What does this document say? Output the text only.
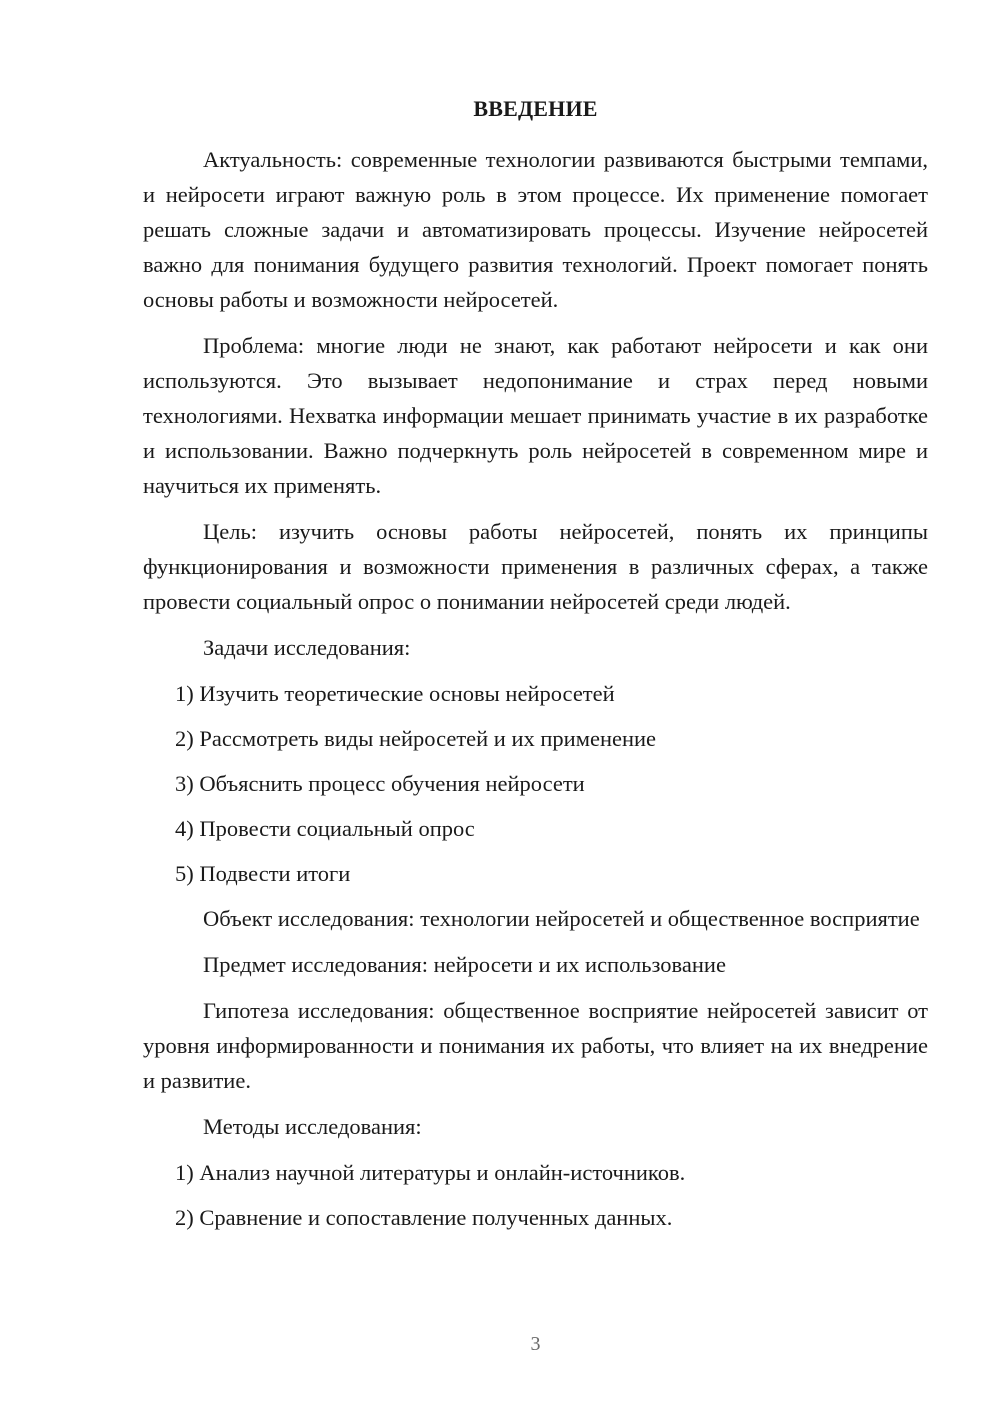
ВВЕДЕНИЕ

Актуальность: современные технологии развиваются быстрыми темпами, и нейросети играют важную роль в этом процессе. Их применение помогает решать сложные задачи и автоматизировать процессы. Изучение нейросетей важно для понимания будущего развития технологий. Проект помогает понять основы работы и возможности нейросетей.

Проблема: многие люди не знают, как работают нейросети и как они используются. Это вызывает недопонимание и страх перед новыми технологиями. Нехватка информации мешает принимать участие в их разработке и использовании. Важно подчеркнуть роль нейросетей в современном мире и научиться их применять.

Цель: изучить основы работы нейросетей, понять их принципы функционирования и возможности применения в различных сферах, а также провести социальный опрос о понимании нейросетей среди людей.

Задачи исследования:

1) Изучить теоретические основы нейросетей

2) Рассмотреть виды нейросетей и их применение

3) Объяснить процесс обучения нейросети

4) Провести социальный опрос

5) Подвести итоги

Объект исследования: технологии нейросетей и общественное восприятие

Предмет исследования: нейросети и их использование

Гипотеза исследования: общественное восприятие нейросетей зависит от уровня информированности и понимания их работы, что влияет на их внедрение и развитие.

Методы исследования:

1) Анализ научной литературы и онлайн-источников.

2) Сравнение и сопоставление полученных данных.

3
